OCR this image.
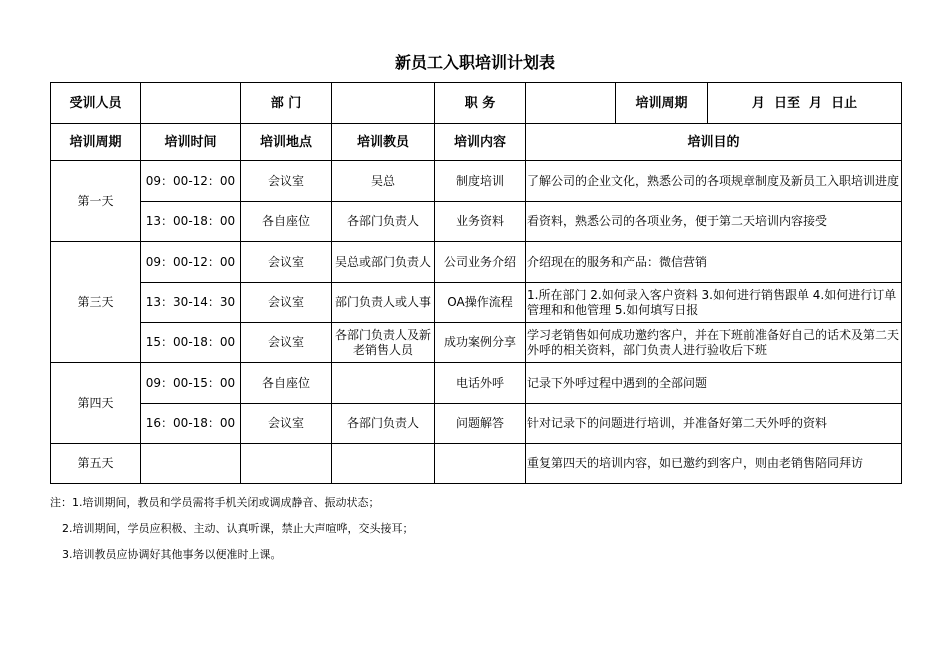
新员工入职培训计划表
受训人员		部 门		职 务		培训周期	月  日至  月  日止
培训周期	培训时间	培训地点	培训教员	培训内容	培训目的		
第一天	09：00-12：00	会议室	吴总	制度培训	了解公司的企业文化，熟悉公司的各项规章制度及新员工入职培训进度		
	13：00-18：00	各自座位	各部门负责人	业务资料	看资料，熟悉公司的各项业务，便于第二天培训内容接受		
第三天	09：00-12：00	会议室	吴总或部门负责人	公司业务介绍	介绍现在的服务和产品：微信营销		
	13：30-14：30	会议室	部门负责人或人事	OA操作流程	1.所在部门 2.如何录入客户资料 3.如何进行销售跟单 4.如何进行订单管理和和他管理 5.如何填写日报		
	15：00-18：00	会议室	各部门负责人及新老销售人员	成功案例分享	学习老销售如何成功邀约客户，并在下班前准备好自己的话术及第二天外呼的相关资料，部门负责人进行验收后下班		
第四天	09：00-15：00	各自座位		电话外呼	记录下外呼过程中遇到的全部问题		
	16：00-18：00	会议室	各部门负责人	问题解答	针对记录下的问题进行培训，并准备好第二天外呼的资料		
第五天					重复第四天的培训内容，如已邀约到客户，则由老销售陪同拜访		
注：1.培训期间，教员和学员需将手机关闭或调成静音、振动状态；
2.培训期间，学员应积极、主动、认真听课，禁止大声喧哗，交头接耳；
3.培训教员应协调好其他事务以便准时上课。
